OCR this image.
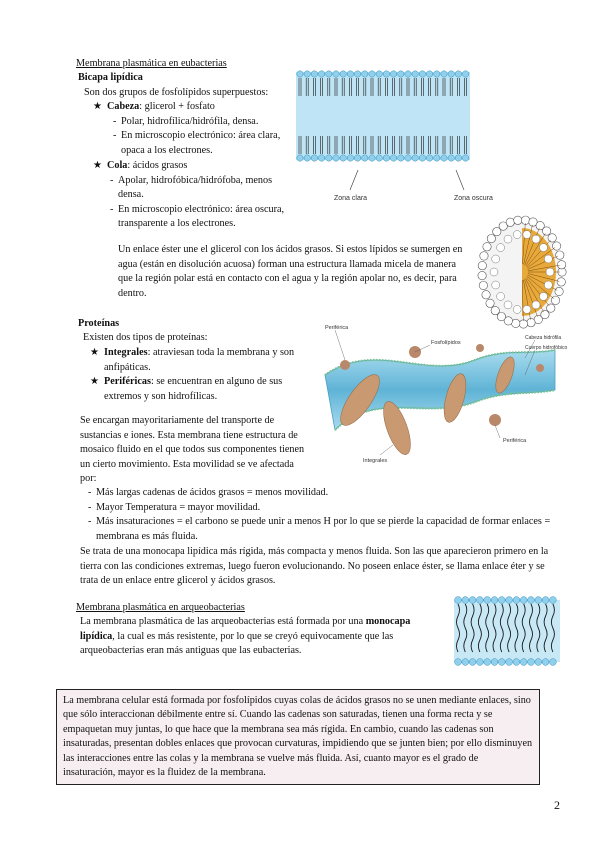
Membrana plasmática en eubacterias
Bicapa lipídica
Son dos grupos de fosfolípidos superpuestos:
★ Cabeza: glicerol + fosfato
- Polar, hidrofílica/hidrófila, densa.
- En microscopio electrónico: área clara, opaca a los electrones.
★ Cola: ácidos grasos
- Apolar, hidrofóbica/hidrófoba, menos densa.
- En microscopio electrónico: área oscura, transparente a los electrones.
Zona clara	Zona oscura
Un enlace éster une el glicerol con los ácidos grasos. Si estos lípidos se sumergen en agua (están en disolución acuosa) forman una estructura llamada micela de manera que la región polar está en contacto con el agua y la región apolar no, es decir, para dentro.
Proteínas
Existen dos tipos de proteínas:
★ Integrales: atraviesan toda la membrana y son anfipáticas.
★ Periféricas: se encuentran en alguno de sus extremos y son hidrofílicas.
Se encargan mayoritariamente del transporte de sustancias e iones. Esta membrana tiene estructura de mosaico fluido en el que todos sus componentes tienen un cierto movimiento. Esta movilidad se ve afectada por:
- Más largas cadenas de ácidos grasos = menos movilidad.
- Mayor Temperatura = mayor movilidad.
- Más insaturaciones = el carbono se puede unir a menos H por lo que se pierde la capacidad de formar enlaces = membrana es más fluida.
Se trata de una monocapa lipídica más rígida, más compacta y menos fluida. Son las que aparecieron primero en la tierra con las condiciones extremas, luego fueron evolucionando. No poseen enlace éster, se llama enlace éter y se trata de un enlace entre glicerol y ácidos grasos.
Periférica
Fosfolípidos
Cabeza hidrófila
Cuerpo hidrofóbico
Periférica
Integrales
Membrana plasmática en arqueobacterias
La membrana plasmática de las arqueobacterias está formada por una monocapa lipídica, la cual es más resistente, por lo que se creyó equivocamente que las arqueobacterias eran más antiguas que las eubacterias.
La membrana celular está formada por fosfolípidos cuyas colas de ácidos grasos no se unen mediante enlaces, sino que sólo interaccionan débilmente entre sí. Cuando las cadenas son saturadas, tienen una forma recta y se empaquetan muy juntas, lo que hace que la membrana sea más rígida. En cambio, cuando las cadenas son insaturadas, presentan dobles enlaces que provocan curvaturas, impidiendo que se junten bien; por ello disminuyen las interacciones entre las colas y la membrana se vuelve más fluida. Así, cuanto mayor es el grado de insaturación, mayor es la fluidez de la membrana.
2
